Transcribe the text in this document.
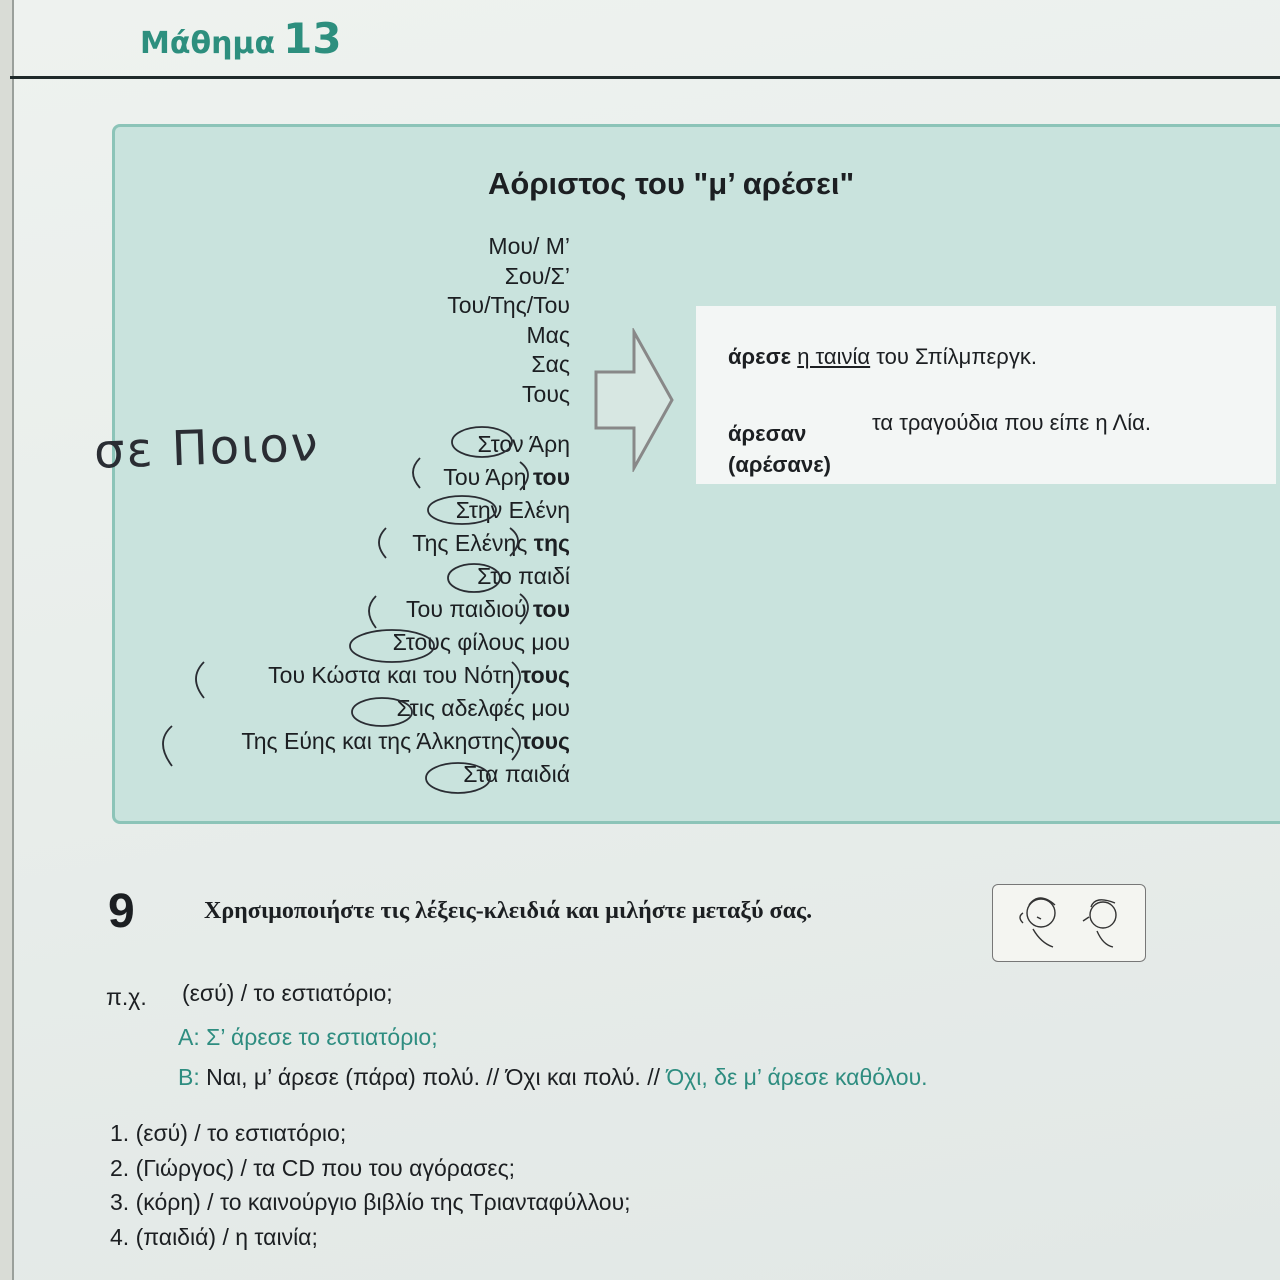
Μάθημα 13
Αόριστος του "μ’ αρέσει"
Μου/ Μ’
Σου/Σ’
Του/Της/Του
Μας
Σας
Τους
Στον Άρη
Του Άρη του
Στην Ελένη
Της Ελένης της
Στο παιδί
Του παιδιού του
Στους φίλους μου
Του Κώστα και του Νότη τους
Στις αδελφές μου
Της Εύης και της Άλκηστης τους
Στα παιδιά
άρεσε η ταινία του Σπίλμπεργκ.
άρεσαν
(αρέσανε)
τα τραγούδια που είπε η Λία.
σε Ποιον
9	Χρησιμοποιήστε τις λέξεις-κλειδιά και μιλήστε μεταξύ σας.
π.χ. (εσύ) / το εστιατόριο;
A: Σ’ άρεσε το εστιατόριο;
B: Ναι, μ’ άρεσε (πάρα) πολύ. // Όχι και πολύ. // Όχι, δε μ’ άρεσε καθόλου.
1. (εσύ) / το εστιατόριο;
2. (Γιώργος) / τα CD που του αγόρασες;
3. (κόρη) / το καινούργιο βιβλίο της Τριανταφύλλου;
4. (παιδιά) / η ταινία;
